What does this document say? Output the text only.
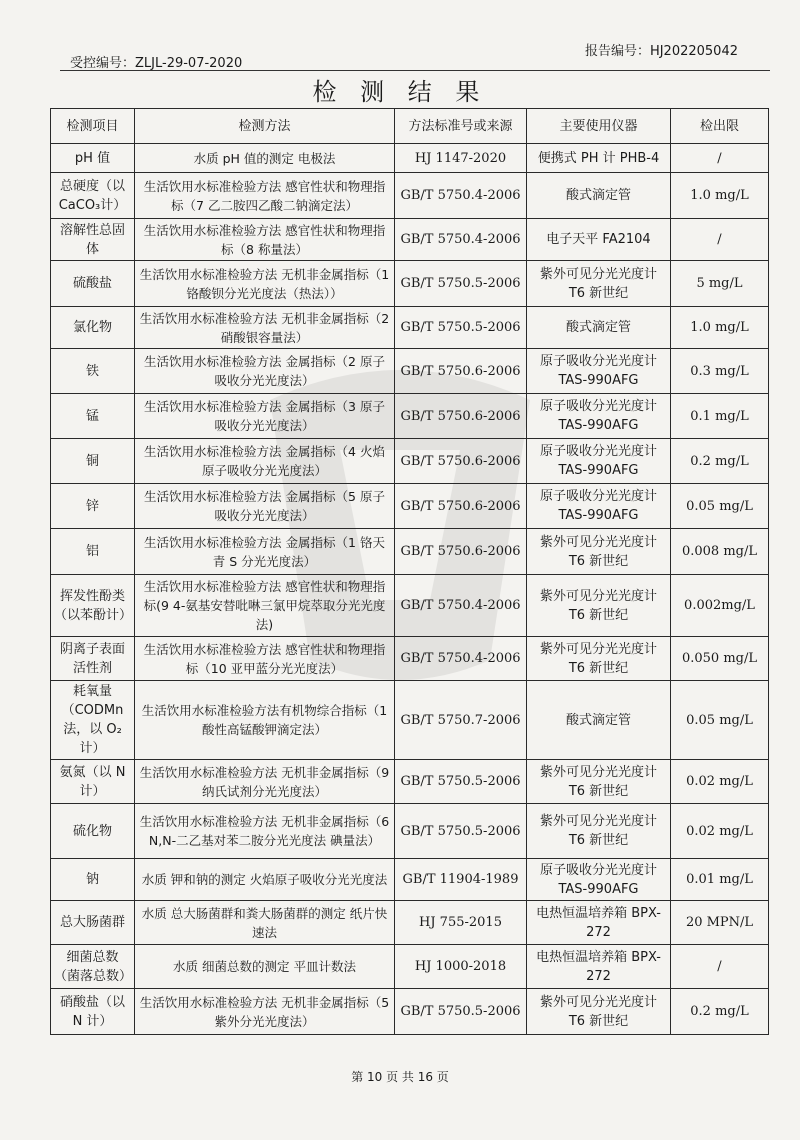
报告编号：HJ202205042
受控编号：ZLJL-29-07-2020
检 测 结 果
检测项目	检测方法	方法标准号或来源	主要使用仪器	检出限
pH 值	水质 pH 值的测定 电极法	HJ 1147-2020	便携式 PH 计 PHB-4	/
总硬度（以CaCO₃计）	生活饮用水标准检验方法 感官性状和物理指标（7 乙二胺四乙酸二钠滴定法）	GB/T 5750.4-2006	酸式滴定管	1.0 mg/L
溶解性总固体	生活饮用水标准检验方法 感官性状和物理指标（8 称量法）	GB/T 5750.4-2006	电子天平 FA2104	/
硫酸盐	生活饮用水标准检验方法 无机非金属指标（1 铬酸钡分光光度法（热法））	GB/T 5750.5-2006	紫外可见分光光度计 T6 新世纪	5 mg/L
氯化物	生活饮用水标准检验方法 无机非金属指标（2 硝酸银容量法）	GB/T 5750.5-2006	酸式滴定管	1.0 mg/L
铁	生活饮用水标准检验方法 金属指标（2 原子吸收分光光度法）	GB/T 5750.6-2006	原子吸收分光光度计 TAS-990AFG	0.3 mg/L
锰	生活饮用水标准检验方法 金属指标（3 原子吸收分光光度法）	GB/T 5750.6-2006	原子吸收分光光度计 TAS-990AFG	0.1 mg/L
铜	生活饮用水标准检验方法 金属指标（4 火焰原子吸收分光光度法）	GB/T 5750.6-2006	原子吸收分光光度计 TAS-990AFG	0.2 mg/L
锌	生活饮用水标准检验方法 金属指标（5 原子吸收分光光度法）	GB/T 5750.6-2006	原子吸收分光光度计 TAS-990AFG	0.05 mg/L
铝	生活饮用水标准检验方法 金属指标（1 铬天青 S 分光光度法）	GB/T 5750.6-2006	紫外可见分光光度计 T6 新世纪	0.008 mg/L
挥发性酚类（以苯酚计）	生活饮用水标准检验方法 感官性状和物理指标(9 4-氨基安替吡啉三氯甲烷萃取分光光度法)	GB/T 5750.4-2006	紫外可见分光光度计 T6 新世纪	0.002mg/L
阴离子表面活性剂	生活饮用水标准检验方法 感官性状和物理指标（10 亚甲蓝分光光度法）	GB/T 5750.4-2006	紫外可见分光光度计 T6 新世纪	0.050 mg/L
耗氧量（CODMn法，以 O₂计）	生活饮用水标准检验方法有机物综合指标（1 酸性高锰酸钾滴定法）	GB/T 5750.7-2006	酸式滴定管	0.05 mg/L
氨氮（以 N 计）	生活饮用水标准检验方法 无机非金属指标（9 纳氏试剂分光光度法）	GB/T 5750.5-2006	紫外可见分光光度计 T6 新世纪	0.02 mg/L
硫化物	生活饮用水标准检验方法 无机非金属指标（6 N,N-二乙基对苯二胺分光光度法 碘量法）	GB/T 5750.5-2006	紫外可见分光光度计 T6 新世纪	0.02 mg/L
钠	水质 钾和钠的测定 火焰原子吸收分光光度法	GB/T 11904-1989	原子吸收分光光度计 TAS-990AFG	0.01 mg/L
总大肠菌群	水质 总大肠菌群和粪大肠菌群的测定 纸片快速法	HJ 755-2015	电热恒温培养箱 BPX-272	20 MPN/L
细菌总数（菌落总数）	水质 细菌总数的测定 平皿计数法	HJ 1000-2018	电热恒温培养箱 BPX-272	/
硝酸盐（以 N 计）	生活饮用水标准检验方法 无机非金属指标（5 紫外分光光度法）	GB/T 5750.5-2006	紫外可见分光光度计 T6 新世纪	0.2 mg/L
第 10 页 共 16 页
